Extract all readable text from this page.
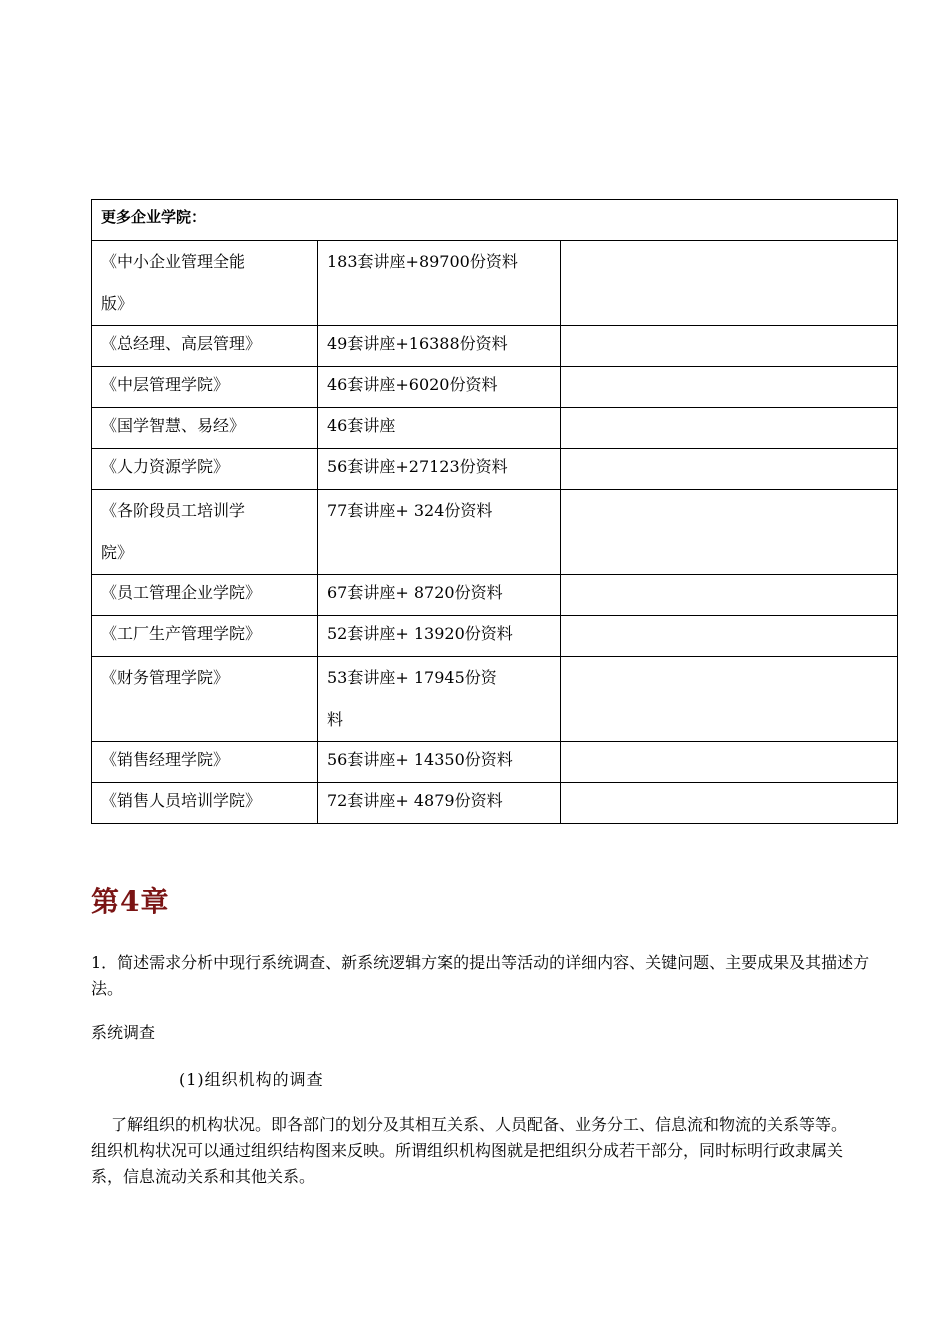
更多企业学院：		

《中小企业管理全能
版》	183套讲座+89700份资料	

《总经理、高层管理》	49套讲座+16388份资料	

《中层管理学院》	46套讲座+6020份资料	

《国学智慧、易经》	46套讲座	

《人力资源学院》	56套讲座+27123份资料	

《各阶段员工培训学
院》	77套讲座+ 324份资料	

《员工管理企业学院》	67套讲座+ 8720份资料	

《工厂生产管理学院》	52套讲座+ 13920份资料	

《财务管理学院》	53套讲座+ 17945份资
料	

《销售经理学院》	56套讲座+ 14350份资料	

《销售人员培训学院》	72套讲座+ 4879份资料	

第4章
1．简述需求分析中现行系统调查、新系统逻辑方案的提出等活动的详细内容、关键问题、主要成果及其描述方法。
系统调查
(1)组织机构的调查
了解组织的机构状况。即各部门的划分及其相互关系、人员配备、业务分工、信息流和物流的关系等等。组织机构状况可以通过组织结构图来反映。所谓组织机构图就是把组织分成若干部分，同时标明行政隶属关系，信息流动关系和其他关系。
